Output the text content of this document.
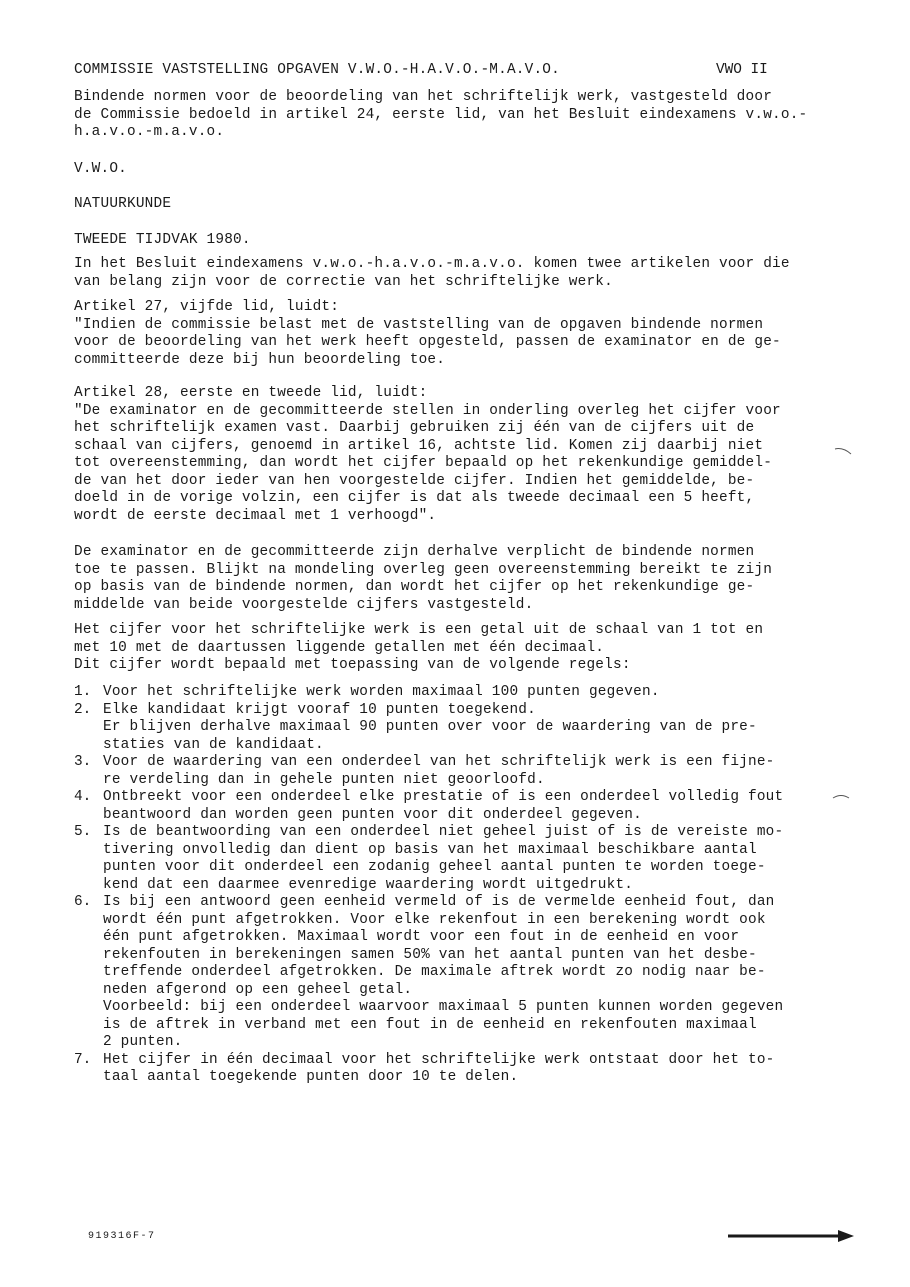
COMMISSIE VASTSTELLING OPGAVEN V.W.O.-H.A.V.O.-M.A.V.O.	VWO II
Bindende normen voor de beoordeling van het schriftelijk werk, vastgesteld door
de Commissie bedoeld in artikel 24, eerste lid, van het Besluit eindexamens v.w.o.-
h.a.v.o.-m.a.v.o.
V.W.O.
NATUURKUNDE
TWEEDE TIJDVAK 1980.
In het Besluit eindexamens v.w.o.-h.a.v.o.-m.a.v.o. komen twee artikelen voor die
van belang zijn voor de correctie van het schriftelijke werk.
Artikel 27, vijfde lid, luidt:
"Indien de commissie belast met de vaststelling van de opgaven bindende normen
voor de beoordeling van het werk heeft opgesteld, passen de examinator en de ge-
committeerde deze bij hun beoordeling toe.
Artikel 28, eerste en tweede lid, luidt:
"De examinator en de gecommitteerde stellen in onderling overleg het cijfer voor
het schriftelijk examen vast. Daarbij gebruiken zij één van de cijfers uit de
schaal van cijfers, genoemd in artikel 16, achtste lid. Komen zij daarbij niet
tot overeenstemming, dan wordt het cijfer bepaald op het rekenkundige gemiddel-
de van het door ieder van hen voorgestelde cijfer. Indien het gemiddelde, be-
doeld in de vorige volzin, een cijfer is dat als tweede decimaal een 5 heeft,
wordt de eerste decimaal met 1 verhoogd".
De examinator en de gecommitteerde zijn derhalve verplicht de bindende normen
toe te passen. Blijkt na mondeling overleg geen overeenstemming bereikt te zijn
op basis van de bindende normen, dan wordt het cijfer op het rekenkundige ge-
middelde van beide voorgestelde cijfers vastgesteld.
Het cijfer voor het schriftelijke werk is een getal uit de schaal van 1 tot en
met 10 met de daartussen liggende getallen met één decimaal.
Dit cijfer wordt bepaald met toepassing van de volgende regels:
1. Voor het schriftelijke werk worden maximaal 100 punten gegeven.
2. Elke kandidaat krijgt vooraf 10 punten toegekend.
Er blijven derhalve maximaal 90 punten over voor de waardering van de pre-
staties van de kandidaat.
3. Voor de waardering van een onderdeel van het schriftelijk werk is een fijne-
re verdeling dan in gehele punten niet geoorloofd.
4. Ontbreekt voor een onderdeel elke prestatie of is een onderdeel volledig fout
beantwoord dan worden geen punten voor dit onderdeel gegeven.
5. Is de beantwoording van een onderdeel niet geheel juist of is de vereiste mo-
tivering onvolledig dan dient op basis van het maximaal beschikbare aantal
punten voor dit onderdeel een zodanig geheel aantal punten te worden toege-
kend dat een daarmee evenredige waardering wordt uitgedrukt.
6. Is bij een antwoord geen eenheid vermeld of is de vermelde eenheid fout, dan
wordt één punt afgetrokken. Voor elke rekenfout in een berekening wordt ook
één punt afgetrokken. Maximaal wordt voor een fout in de eenheid en voor
rekenfouten in berekeningen samen 50% van het aantal punten van het desbe-
treffende onderdeel afgetrokken. De maximale aftrek wordt zo nodig naar be-
neden afgerond op een geheel getal.
Voorbeeld: bij een onderdeel waarvoor maximaal 5 punten kunnen worden gegeven
is de aftrek in verband met een fout in de eenheid en rekenfouten maximaal
2 punten.
7. Het cijfer in één decimaal voor het schriftelijke werk ontstaat door het to-
taal aantal toegekende punten door 10 te delen.
919316F-7
